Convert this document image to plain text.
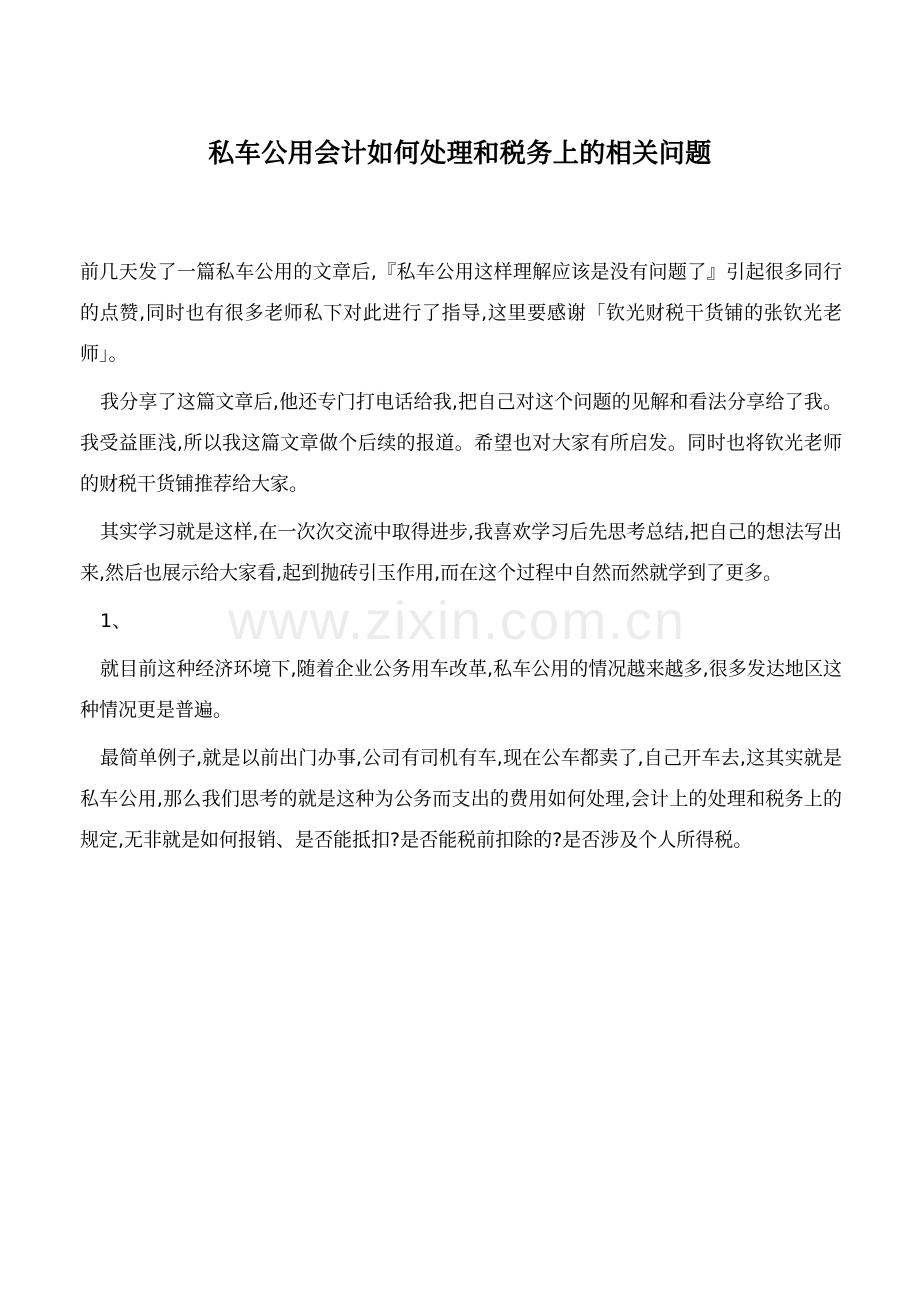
www.zixin.com.cn
私车公用会计如何处理和税务上的相关问题

前几天发了一篇私车公用的文章后,『私车公用这样理解应该是没有问题了』引起很多同行的点赞,同时也有很多老师私下对此进行了指导,这里要感谢「钦光财税干货铺的张钦光老师」。

我分享了这篇文章后,他还专门打电话给我,把自己对这个问题的见解和看法分享给了我。我受益匪浅,所以我这篇文章做个后续的报道。希望也对大家有所启发。同时也将钦光老师的财税干货铺推荐给大家。

其实学习就是这样,在一次次交流中取得进步,我喜欢学习后先思考总结,把自己的想法写出来,然后也展示给大家看,起到抛砖引玉作用,而在这个过程中自然而然就学到了更多。

1、

就目前这种经济环境下,随着企业公务用车改革,私车公用的情况越来越多,很多发达地区这种情况更是普遍。

最简单例子,就是以前出门办事,公司有司机有车,现在公车都卖了,自己开车去,这其实就是私车公用,那么我们思考的就是这种为公务而支出的费用如何处理,会计上的处理和税务上的规定,无非就是如何报销、是否能抵扣?是否能税前扣除的?是否涉及个人所得税。
